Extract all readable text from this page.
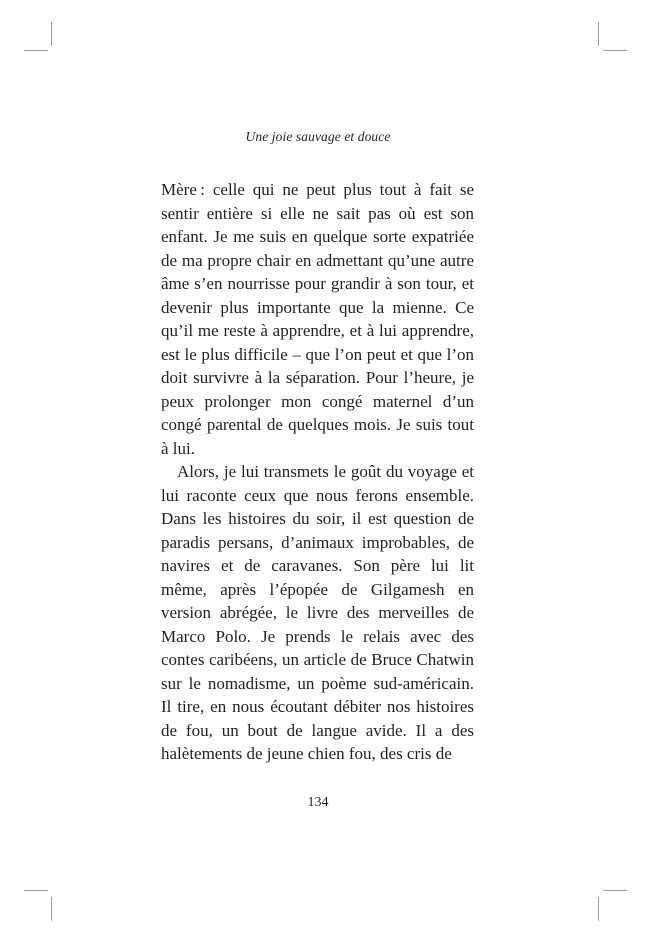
Une joie sauvage et douce

Mère : celle qui ne peut plus tout à fait se sentir entière si elle ne sait pas où est son enfant. Je me suis en quelque sorte expatriée de ma propre chair en admettant qu’une autre âme s’en nourrisse pour grandir à son tour, et devenir plus importante que la mienne. Ce qu’il me reste à apprendre, et à lui apprendre, est le plus difficile – que l’on peut et que l’on doit survivre à la séparation. Pour l’heure, je peux prolonger mon congé maternel d’un congé parental de quelques mois. Je suis tout à lui.

Alors, je lui transmets le goût du voyage et lui raconte ceux que nous ferons ensemble. Dans les histoires du soir, il est question de paradis persans, d’animaux improbables, de navires et de caravanes. Son père lui lit même, après l’épopée de Gilgamesh en version abrégée, le livre des merveilles de Marco Polo. Je prends le relais avec des contes caribéens, un article de Bruce Chatwin sur le nomadisme, un poème sud-américain. Il tire, en nous écoutant débiter nos histoires de fou, un bout de langue avide. Il a des halètements de jeune chien fou, des cris de

134
